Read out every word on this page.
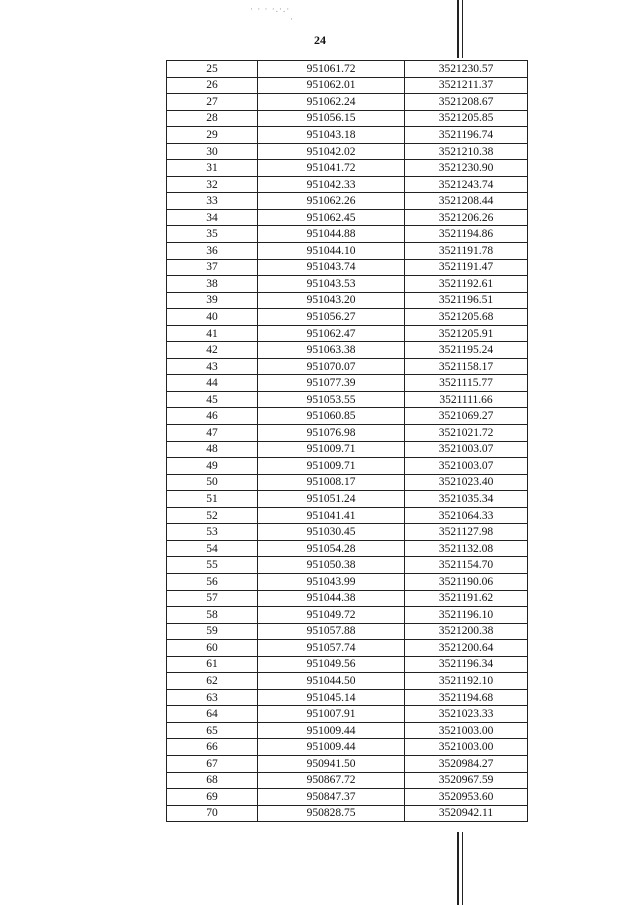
· · · ·.·.·
·
24
25	951061.72	3521230.57
26	951062.01	3521211.37
27	951062.24	3521208.67
28	951056.15	3521205.85
29	951043.18	3521196.74
30	951042.02	3521210.38
31	951041.72	3521230.90
32	951042.33	3521243.74
33	951062.26	3521208.44
34	951062.45	3521206.26
35	951044.88	3521194.86
36	951044.10	3521191.78
37	951043.74	3521191.47
38	951043.53	3521192.61
39	951043.20	3521196.51
40	951056.27	3521205.68
41	951062.47	3521205.91
42	951063.38	3521195.24
43	951070.07	3521158.17
44	951077.39	3521115.77
45	951053.55	3521111.66
46	951060.85	3521069.27
47	951076.98	3521021.72
48	951009.71	3521003.07
49	951009.71	3521003.07
50	951008.17	3521023.40
51	951051.24	3521035.34
52	951041.41	3521064.33
53	951030.45	3521127.98
54	951054.28	3521132.08
55	951050.38	3521154.70
56	951043.99	3521190.06
57	951044.38	3521191.62
58	951049.72	3521196.10
59	951057.88	3521200.38
60	951057.74	3521200.64
61	951049.56	3521196.34
62	951044.50	3521192.10
63	951045.14	3521194.68
64	951007.91	3521023.33
65	951009.44	3521003.00
66	951009.44	3521003.00
67	950941.50	3520984.27
68	950867.72	3520967.59
69	950847.37	3520953.60
70	950828.75	3520942.11
